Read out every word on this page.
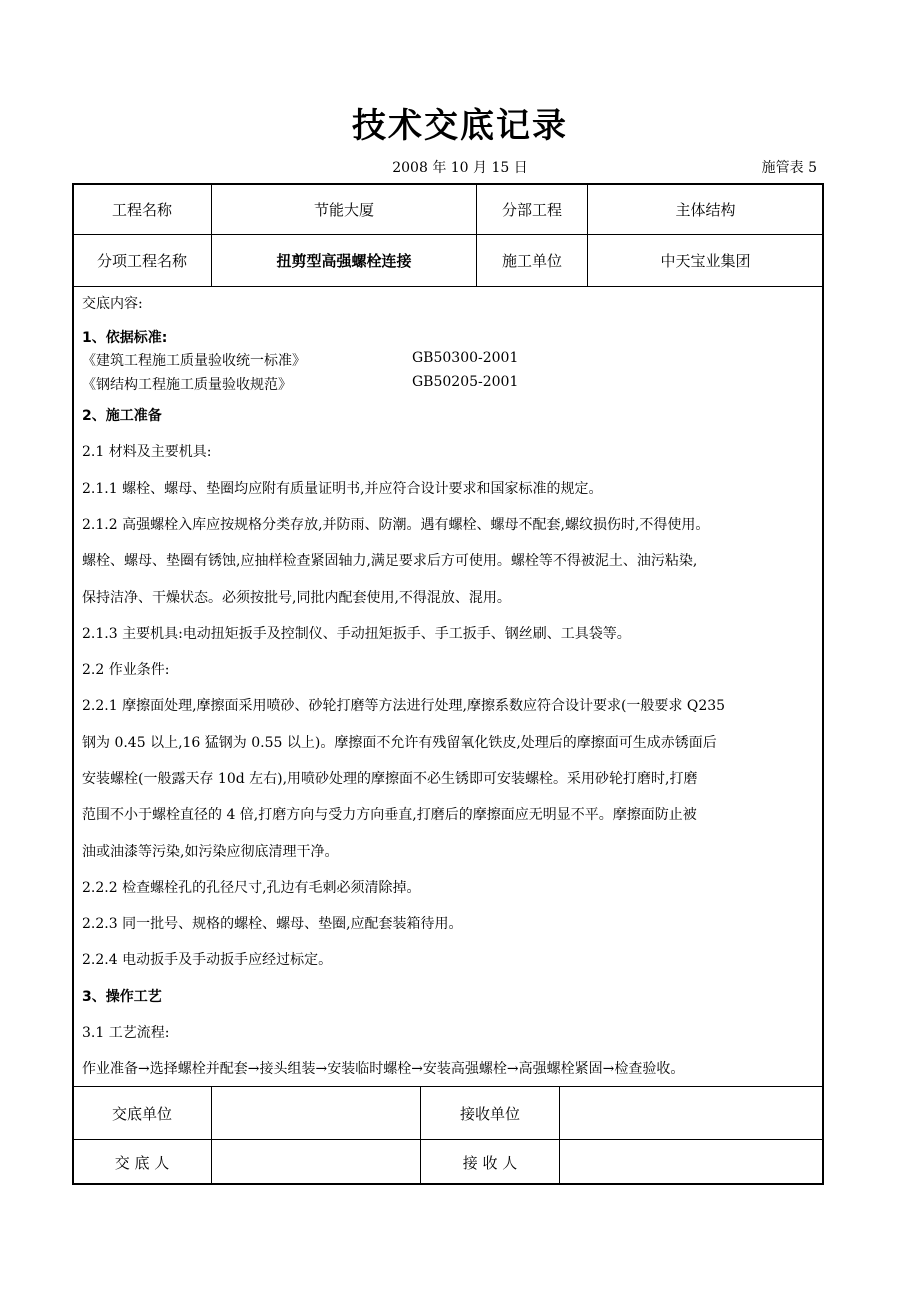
技术交底记录
2008 年 10 月 15 日	施管表 5
工程名称	节能大厦	分部工程	主体结构
分项工程名称	扭剪型高强螺栓连接	施工单位	中天宝业集团
交底内容:
1、依据标准:
《建筑工程施工质量验收统一标准》	GB50300-2001
《钢结构工程施工质量验收规范》	GB50205-2001
2、施工准备
2.1 材料及主要机具:
2.1.1 螺栓、螺母、垫圈均应附有质量证明书,并应符合设计要求和国家标准的规定。
2.1.2 高强螺栓入库应按规格分类存放,并防雨、防潮。遇有螺栓、螺母不配套,螺纹损伤时,不得使用。
螺栓、螺母、垫圈有锈蚀,应抽样检查紧固轴力,满足要求后方可使用。螺栓等不得被泥土、油污粘染,
保持洁净、干燥状态。必须按批号,同批内配套使用,不得混放、混用。
2.1.3 主要机具:电动扭矩扳手及控制仪、手动扭矩扳手、手工扳手、钢丝刷、工具袋等。
2.2 作业条件:
2.2.1 摩擦面处理,摩擦面采用喷砂、砂轮打磨等方法进行处理,摩擦系数应符合设计要求(一般要求 Q235
钢为 0.45 以上,16 猛钢为 0.55 以上)。摩擦面不允许有残留氧化铁皮,处理后的摩擦面可生成赤锈面后
安装螺栓(一般露天存 10d 左右),用喷砂处理的摩擦面不必生锈即可安装螺栓。采用砂轮打磨时,打磨
范围不小于螺栓直径的 4 倍,打磨方向与受力方向垂直,打磨后的摩擦面应无明显不平。摩擦面防止被
油或油漆等污染,如污染应彻底清理干净。
2.2.2 检查螺栓孔的孔径尺寸,孔边有毛刺必须清除掉。
2.2.3 同一批号、规格的螺栓、螺母、垫圈,应配套装箱待用。
2.2.4 电动扳手及手动扳手应经过标定。
3、操作工艺
3.1 工艺流程:
作业准备→选择螺栓并配套→接头组装→安装临时螺栓→安装高强螺栓→高强螺栓紧固→检查验收。
交底单位	接收单位
交 底 人	接 收 人
